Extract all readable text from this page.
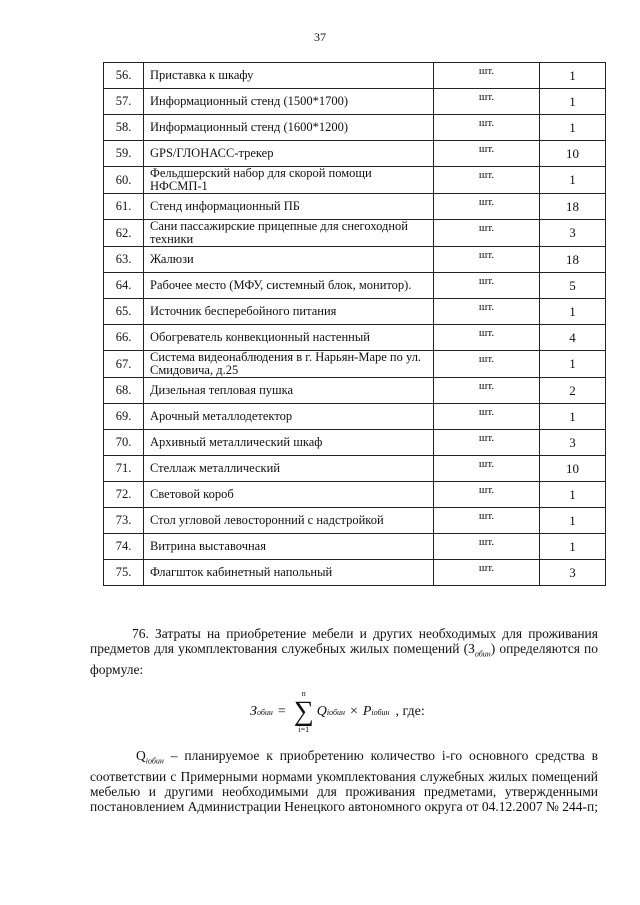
37
56.	Приставка к шкафу	шт.	1
57.	Информационный стенд (1500*1700)	шт.	1
58.	Информационный стенд (1600*1200)	шт.	1
59.	GPS/ГЛОНАСС-трекер	шт.	10
60.	Фельдшерский набор для скорой помощи НФСМП-1	шт.	1
61.	Стенд информационный ПБ	шт.	18
62.	Сани пассажирские прицепные для снегоходной техники	шт.	3
63.	Жалюзи	шт.	18
64.	Рабочее место (МФУ, системный блок, монитор).	шт.	5
65.	Источник бесперебойного питания	шт.	1
66.	Обогреватель конвекционный настенный	шт.	4
67.	Система видеонаблюдения в г. Нарьян-Маре по ул. Смидовича, д.25	шт.	1
68.	Дизельная тепловая пушка	шт.	2
69.	Арочный металлодетектор	шт.	1
70.	Архивный металлический шкаф	шт.	3
71.	Стеллаж металлический	шт.	10
72.	Световой короб	шт.	1
73.	Стол угловой левосторонний с надстройкой	шт.	1
74.	Витрина выставочная	шт.	1
75.	Флагшток кабинетный напольный	шт.	3
76. Затраты на приобретение мебели и других необходимых для проживания предметов для укомплектования служебных жилых помещений $(З_{обин})$ определяются по формуле:
З обин =
n
∑
i=1
Q iобин × P iобин , где:
$Q_{iобин}$ – планируемое к приобретению количество i-го основного средства в соответствии с Примерными нормами укомплектования служебных жилых помещений мебелью и другими необходимыми для проживания предметами, утвержденными постановлением Администрации Ненецкого автономного округа от 04.12.2007 № 244-п;
